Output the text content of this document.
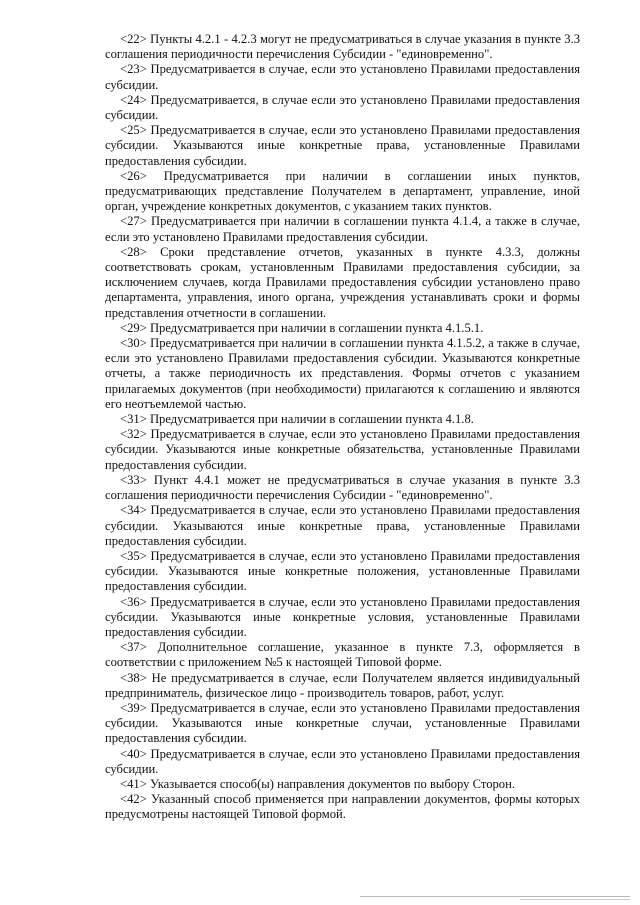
<22> Пункты 4.2.1 - 4.2.3 могут не предусматриваться в случае указания в пункте 3.3 соглашения периодичности перечисления Субсидии - "единовременно".

<23> Предусматривается в случае, если это установлено Правилами предоставления субсидии.

<24> Предусматривается, в случае если это установлено Правилами предоставления субсидии.

<25> Предусматривается в случае, если это установлено Правилами предоставления субсидии. Указываются иные конкретные права, установленные Правилами предоставления субсидии.

<26> Предусматривается при наличии в соглашении иных пунктов, предусматривающих представление Получателем в департамент, управление, иной орган, учреждение конкретных документов, с указанием таких пунктов.

<27> Предусматривается при наличии в соглашении пункта 4.1.4, а также в случае, если это установлено Правилами предоставления субсидии.

<28> Сроки представление отчетов, указанных в пункте 4.3.3, должны соответствовать срокам, установленным Правилами предоставления субсидии, за исключением случаев, когда Правилами предоставления субсидии установлено право департамента, управления, иного органа, учреждения устанавливать сроки и формы представления отчетности в соглашении.

<29> Предусматривается при наличии в соглашении пункта 4.1.5.1.

<30> Предусматривается при наличии в соглашении пункта 4.1.5.2, а также в случае, если это установлено Правилами предоставления субсидии. Указываются конкретные отчеты, а также периодичность их представления. Формы отчетов с указанием прилагаемых документов (при необходимости) прилагаются к соглашению и являются его неотъемлемой частью.

<31> Предусматривается при наличии в соглашении пункта 4.1.8.

<32> Предусматривается в случае, если это установлено Правилами предоставления субсидии. Указываются иные конкретные обязательства, установленные Правилами предоставления субсидии.

<33> Пункт 4.4.1 может не предусматриваться в случае указания в пункте 3.3 соглашения периодичности перечисления Субсидии - "единовременно".

<34> Предусматривается в случае, если это установлено Правилами предоставления субсидии. Указываются иные конкретные права, установленные Правилами предоставления субсидии.

<35> Предусматривается в случае, если это установлено Правилами предоставления субсидии. Указываются иные конкретные положения, установленные Правилами предоставления субсидии.

<36> Предусматривается в случае, если это установлено Правилами предоставления субсидии. Указываются иные конкретные условия, установленные Правилами предоставления субсидии.

<37> Дополнительное соглашение, указанное в пункте 7.3, оформляется в соответствии с приложением №5 к настоящей Типовой форме.

<38> Не предусматривается в случае, если Получателем является индивидуальный предприниматель, физическое лицо - производитель товаров, работ, услуг.

<39> Предусматривается в случае, если это установлено Правилами предоставления субсидии. Указываются иные конкретные случаи, установленные Правилами предоставления субсидии.

<40> Предусматривается в случае, если это установлено Правилами предоставления субсидии.

<41> Указывается способ(ы) направления документов по выбору Сторон.

<42> Указанный способ применяется при направлении документов, формы которых предусмотрены настоящей Типовой формой.
